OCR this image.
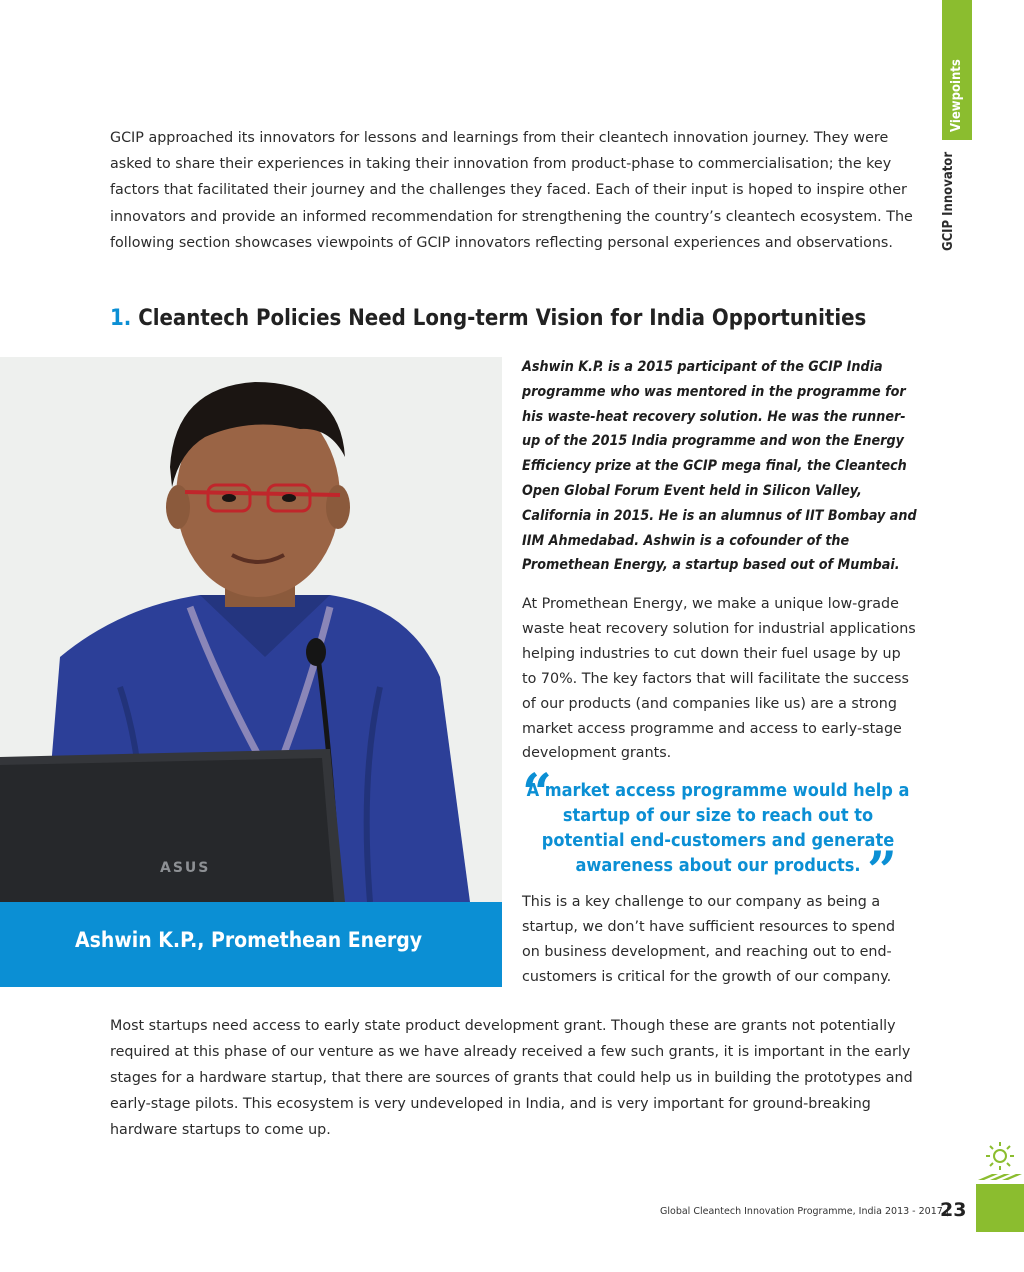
GCIP Innovator
Viewpoints

GCIP approached its innovators for lessons and learnings from their cleantech innovation journey. They were asked to share their experiences in taking their innovation from product-phase to commercialisation; the key factors that facilitated their journey and the challenges they faced. Each of their input is hoped to inspire other innovators and provide an informed recommendation for strengthening the country’s cleantech ecosystem. The following section showcases viewpoints of GCIP innovators reflecting personal experiences and observations.

1. Cleantech Policies Need Long-term Vision for India Opportunities
ASUS

Ashwin K.P., Promethean Energy

Ashwin K.P. is a 2015 participant of the GCIP India programme who was mentored in the programme for his waste-heat recovery solution. He was the runner-up of the 2015 India programme and won the Energy Efficiency prize at the GCIP mega final, the Cleantech Open Global Forum Event held in Silicon Valley, California in 2015. He is an alumnus of IIT Bombay and IIM Ahmedabad. Ashwin is a cofounder of the Promethean Energy, a startup based out of Mumbai.

At Promethean Energy, we make a unique low-grade waste heat recovery solution for industrial applications helping industries to cut down their fuel usage by up to 70%. The key factors that will facilitate the success of our products (and companies like us) are a strong market access programme and access to early-stage development grants.

“

A market access programme would help a startup of our size to reach out to potential end-customers and generate awareness about our products. ”

This is a key challenge to our company as being a startup, we don’t have sufficient resources to spend on business development, and reaching out to end-customers is critical for the growth of our company.

Most startups need access to early state product development grant. Though these are grants not potentially required at this phase of our venture as we have already received a few such grants, it is important in the early stages for a hardware startup, that there are sources of grants that could help us in building the prototypes and early-stage pilots. This ecosystem is very undeveloped in India, and is very important for ground-breaking hardware startups to come up.

Global Cleantech Innovation Programme, India 2013 - 2017 |
23
